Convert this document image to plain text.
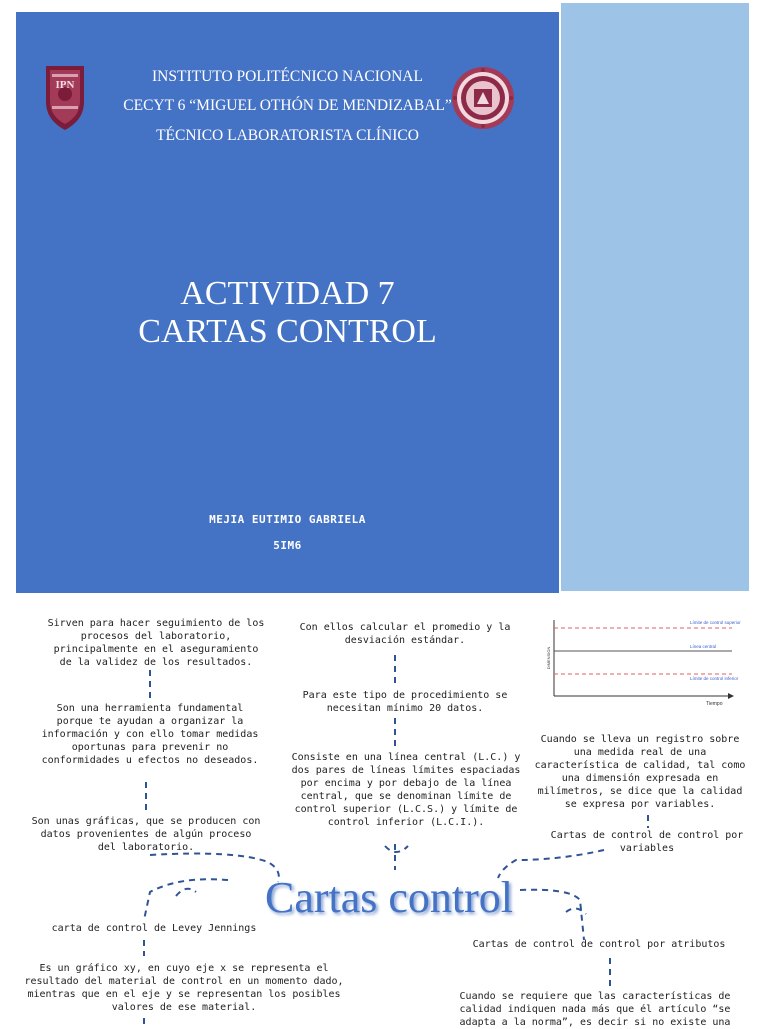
IPN	INSTITUTO POLITÉCNICO NACIONAL
CECYT 6 “MIGUEL OTHÓN DE MENDIZABAL”
TÉCNICO LABORATORISTA CLÍNICO
ACTIVIDAD 7
CARTAS CONTROL
MEJIA EUTIMIO GABRIELA
5IM6
Sirven para hacer seguimiento de los procesos del laboratorio, principalmente en el aseguramiento de la validez de los resultados.
Son una herramienta fundamental porque te ayudan a organizar la información y con ello tomar medidas oportunas para prevenir no conformidades u efectos no deseados.
Son unas gráficas, que se producen con datos provenientes de algún proceso del laboratorio.
Con ellos calcular el promedio y la desviación estándar.
Para este tipo de procedimiento se necesitan mínimo 20 datos.
Consiste en una línea central (L.C.) y dos pares de líneas límites espaciadas por encima y por debajo de la línea central, que se denominan límite de control superior (L.C.S.) y límite de control inferior (L.C.I.).
DIMENSION
Tiempo
Límite de control superior
Línea central
Límite de control inferior
Cuando se lleva un registro sobre una medida real de una característica de calidad, tal como una dimensión expresada en milímetros, se dice que la calidad se expresa por variables.
Cartas de control de control por variables
Cartas control
carta de control de Levey Jennings
Es un gráfico xy, en cuyo eje x se representa el resultado del material de control en un momento dado, mientras que en el eje y se representan los posibles valores de ese material.
Cartas de control de control por atributos
Cuando se requiere que las características de calidad indiquen nada más que él artículo “se adapta a la norma”, es decir si no existe una
